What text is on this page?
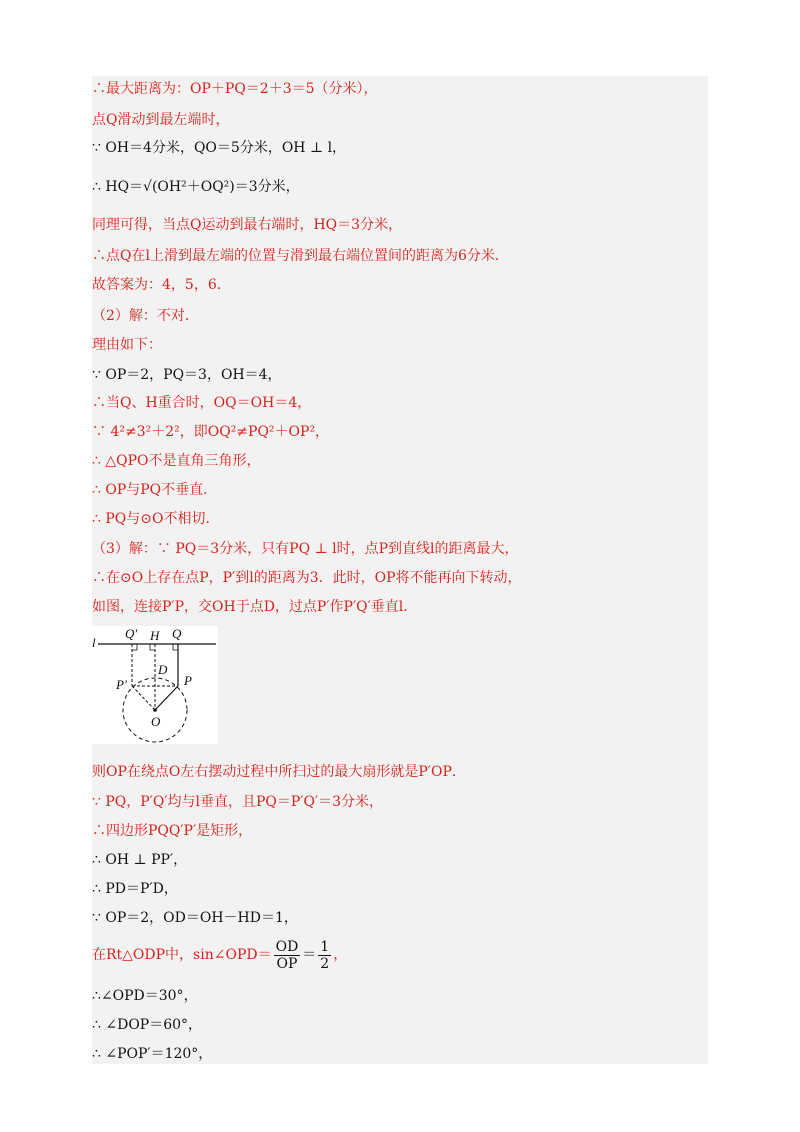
∴最大距离为：OP＋PQ＝2＋3＝5（分米），
点Q滑动到最左端时，
∵ OH＝4分米，QO＝5分米，OH ⊥ l，
∴ HQ＝√(OH²＋OQ²)＝3分米，
同理可得，当点Q运动到最右端时，HQ＝3分米，
∴点Q在l上滑到最左端的位置与滑到最右端位置间的距离为6分米．
故答案为：4，5，6．
（2）解：不对．
理由如下：
∵ OP＝2，PQ＝3，OH＝4，
∴当Q、H重合时，OQ＝OH＝4，
∵ 4²≠3²＋2²，即OQ²≠PQ²＋OP²，
∴ △QPO不是直角三角形，
∴ OP与PQ不垂直．
∴ PQ与⊙O不相切．
（3）解：∵ PQ＝3分米，只有PQ ⊥ l时，点P到直线l的距离最大，
∴在⊙O上存在点P，P′到l的距离为3．此时，OP将不能再向下转动，
如图，连接P′P，交OH于点D，过点P′作P′Q′垂直l．
l
Q′ H Q
D
P′	P
O
则OP在绕点O左右摆动过程中所扫过的最大扇形就是P′OP．
∵ PQ，P′Q′均与l垂直，且PQ＝P′Q′＝3分米，
∴四边形PQQ′P′是矩形，
∴ OH ⊥ PP′，
∴ PD＝P′D，
∵ OP＝2，OD＝OH－HD＝1，
在Rt△ODP中，sin∠OPD＝ $\frac{OD}{OP} = \frac{1}{2}$ ，
∴∠OPD＝30°，
∴ ∠DOP＝60°，
∴ ∠POP′＝120°，
